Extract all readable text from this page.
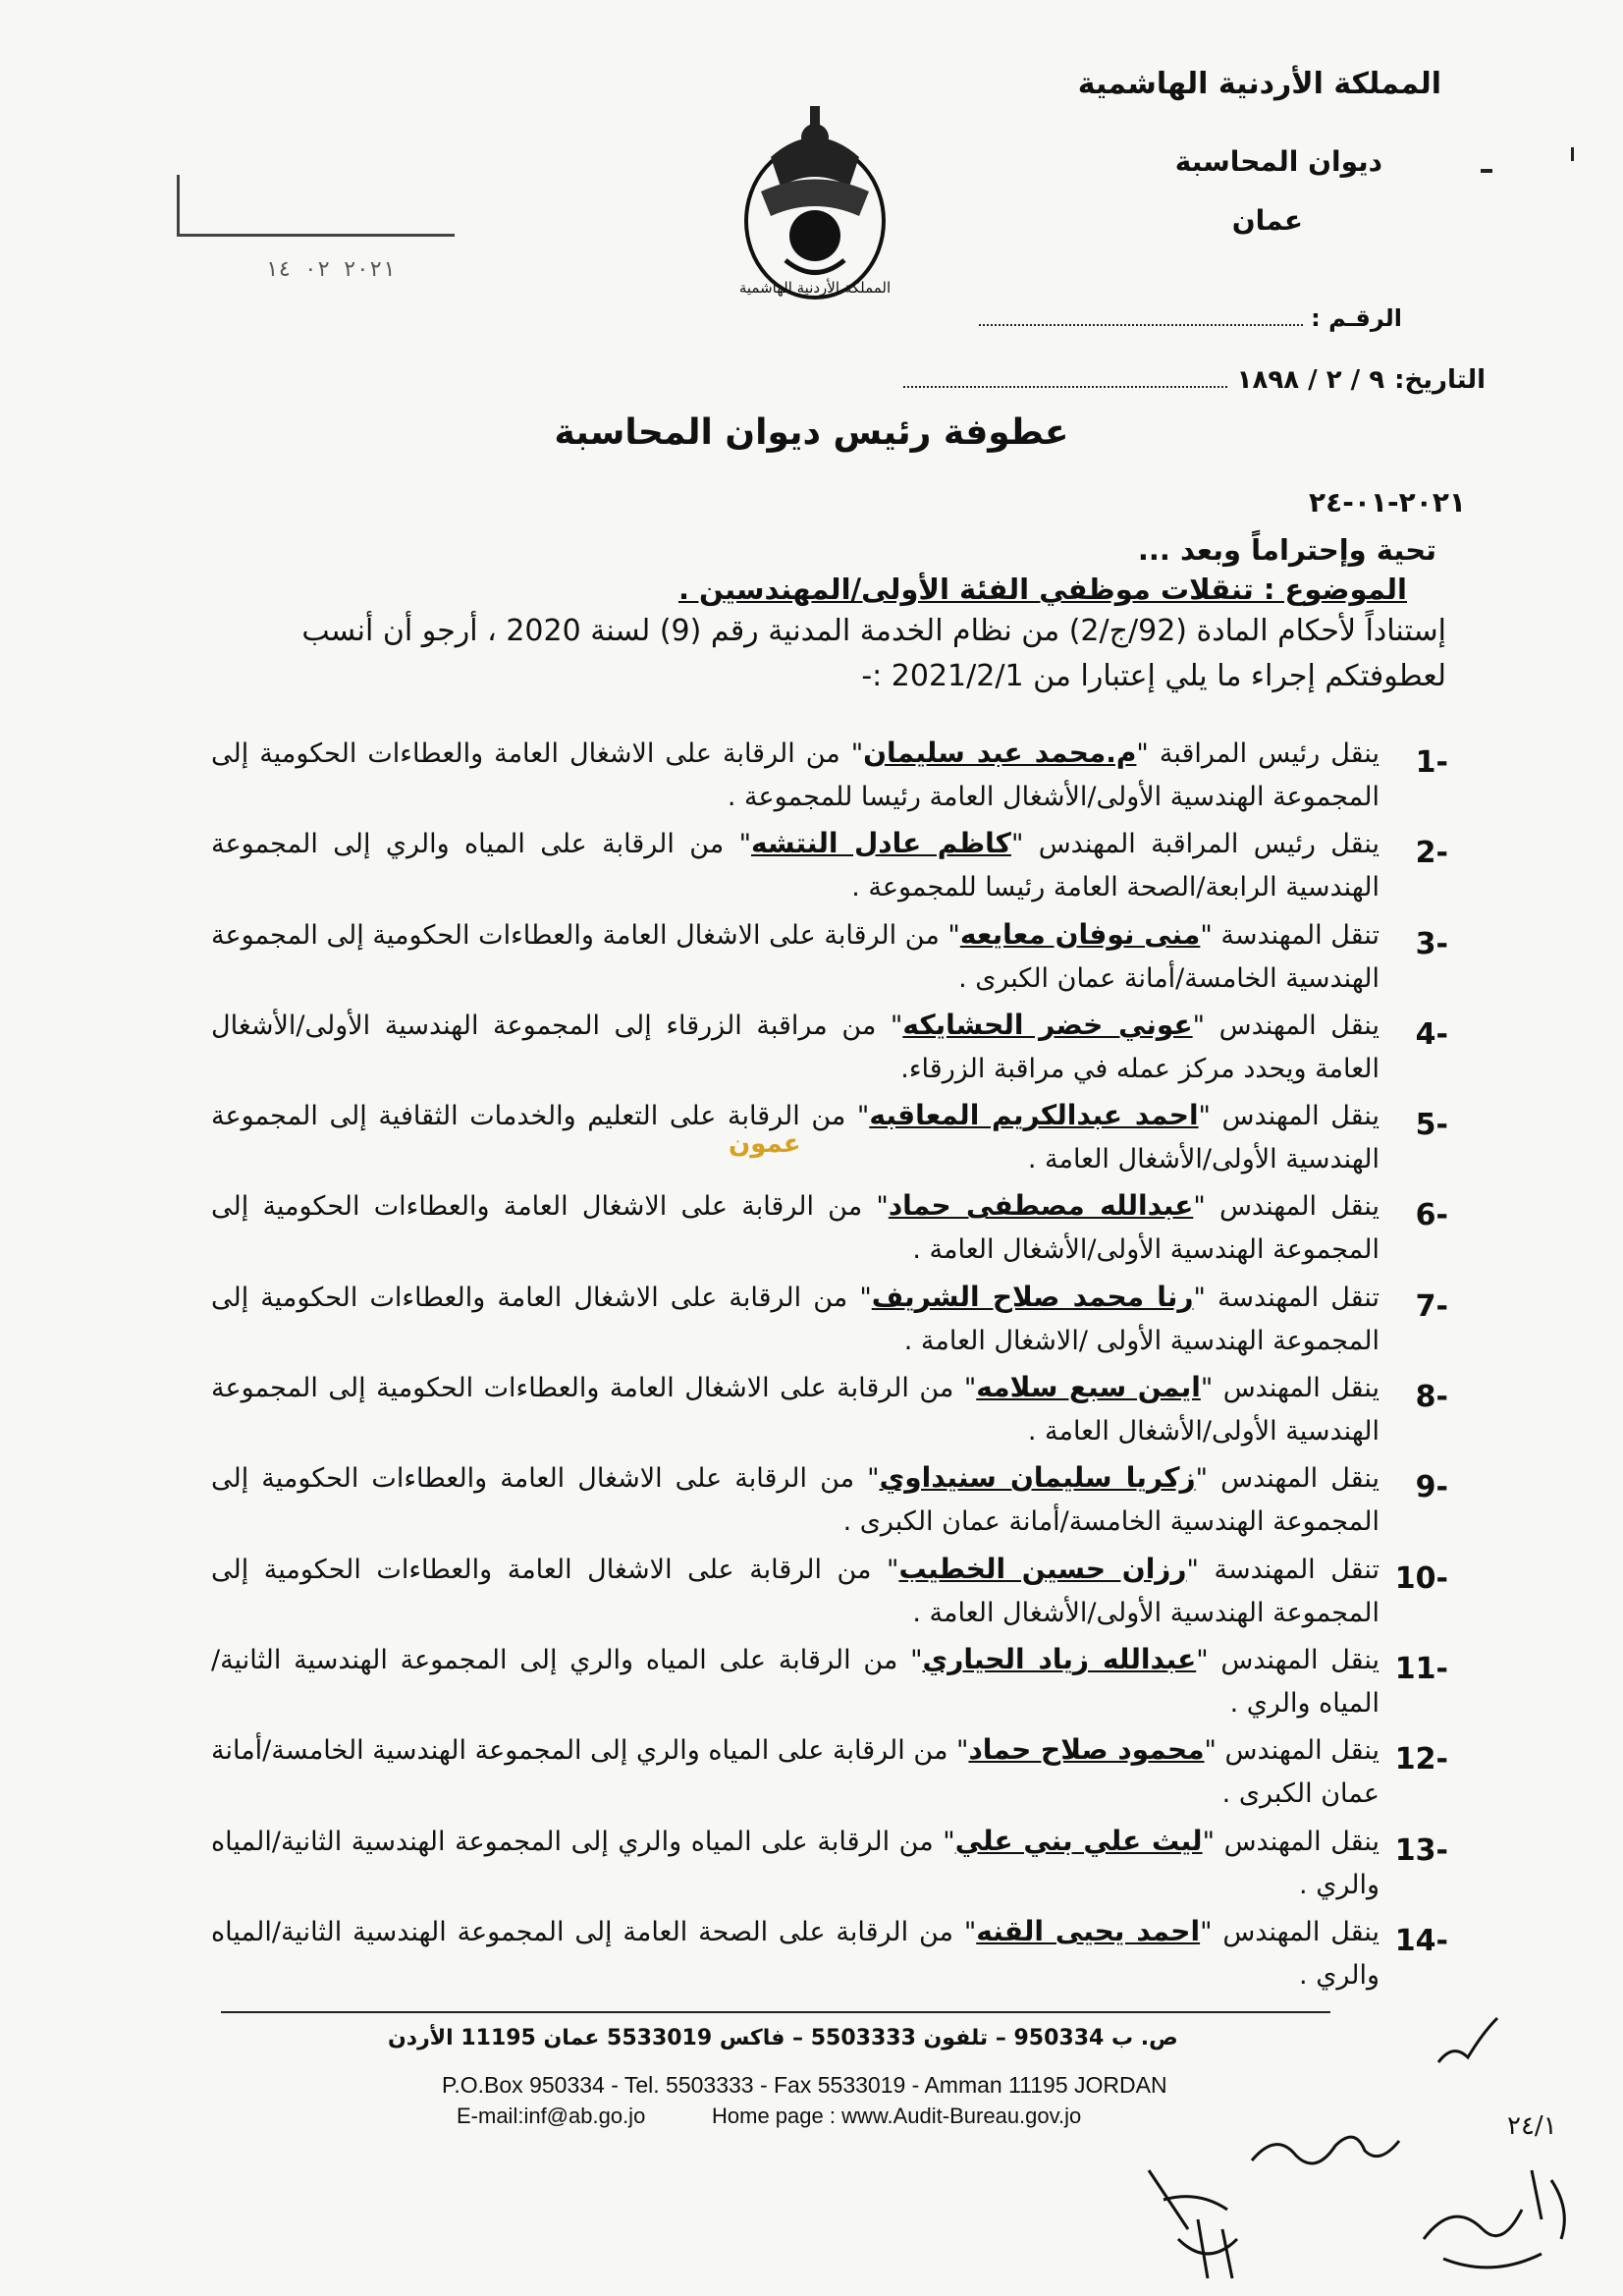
المملكة الأردنية الهاشمية
ديوان المحاسبة
عمان
الرقـم :
التاريخ:
٩ / ٢ / ١٨٩٨
المملكة الأردنية الهاشمية
٢٠٢١ ٠٢ ١٤
عطوفة رئيس ديوان المحاسبة
٢٠٢١-٠١-٢٤
تحية وإحتراماً وبعد ...
الموضوع : تنقلات موظفي الفئة الأولى/المهندسين .
إستناداً لأحكام المادة (92/ج/2) من نظام الخدمة المدنية رقم (9) لسنة 2020 ، أرجو أن أنسب لعطوفتكم إجراء ما يلي إعتبارا من 2021/2/1 :-
-1
ينقل رئيس المراقبة "م.محمد عبد سليمان" من الرقابة على الاشغال العامة والعطاءات الحكومية إلى المجموعة الهندسية الأولى/الأشغال العامة رئيسا للمجموعة .
-2
ينقل رئيس المراقبة المهندس "كاظم عادل النتشه" من الرقابة على المياه والري إلى المجموعة الهندسية الرابعة/الصحة العامة رئيسا للمجموعة .
-3
تنقل المهندسة "منى نوفان معايعه" من الرقابة على الاشغال العامة والعطاءات الحكومية إلى المجموعة الهندسية الخامسة/أمانة عمان الكبرى .
-4
ينقل المهندس "عوني خضر الحشايكه" من مراقبة الزرقاء إلى المجموعة الهندسية الأولى/الأشغال العامة ويحدد مركز عمله في مراقبة الزرقاء.
-5
ينقل المهندس "احمد عبدالكريم المعاقبه" من الرقابة على التعليم والخدمات الثقافية إلى المجموعة الهندسية الأولى/الأشغال العامة .
-6
ينقل المهندس "عبدالله مصطفى حماد" من الرقابة على الاشغال العامة والعطاءات الحكومية إلى المجموعة الهندسية الأولى/الأشغال العامة .
-7
تنقل المهندسة "رنا محمد صلاح الشريف" من الرقابة على الاشغال العامة والعطاءات الحكومية إلى المجموعة الهندسية الأولى /الاشغال العامة .
-8
ينقل المهندس "ايمن سبع سلامه" من الرقابة على الاشغال العامة والعطاءات الحكومية إلى المجموعة الهندسية الأولى/الأشغال العامة .
-9
ينقل المهندس "زكريا سليمان سنيداوي" من الرقابة على الاشغال العامة والعطاءات الحكومية إلى المجموعة الهندسية الخامسة/أمانة عمان الكبرى .
-10
تنقل المهندسة "رزان حسين الخطيب" من الرقابة على الاشغال العامة والعطاءات الحكومية إلى المجموعة الهندسية الأولى/الأشغال العامة .
-11
ينقل المهندس "عبدالله زياد الحياري" من الرقابة على المياه والري إلى المجموعة الهندسية الثانية/المياه والري .
-12
ينقل المهندس "محمود صلاح حماد" من الرقابة على المياه والري إلى المجموعة الهندسية الخامسة/أمانة عمان الكبرى .
-13
ينقل المهندس "ليث علي بني علي" من الرقابة على المياه والري إلى المجموعة الهندسية الثانية/المياه والري .
-14
ينقل المهندس "احمد يحيى القنه" من الرقابة على الصحة العامة إلى المجموعة الهندسية الثانية/المياه والري .
عمون
ص. ب 950334 – تلفون 5503333 – فاكس 5533019 عمان 11195 الأردن
P.O.Box 950334 - Tel. 5503333 - Fax 5533019 - Amman 11195 JORDAN
E-mail:inf@ab.go.jo	Home page : www.Audit-Bureau.gov.jo	٢٤/١
